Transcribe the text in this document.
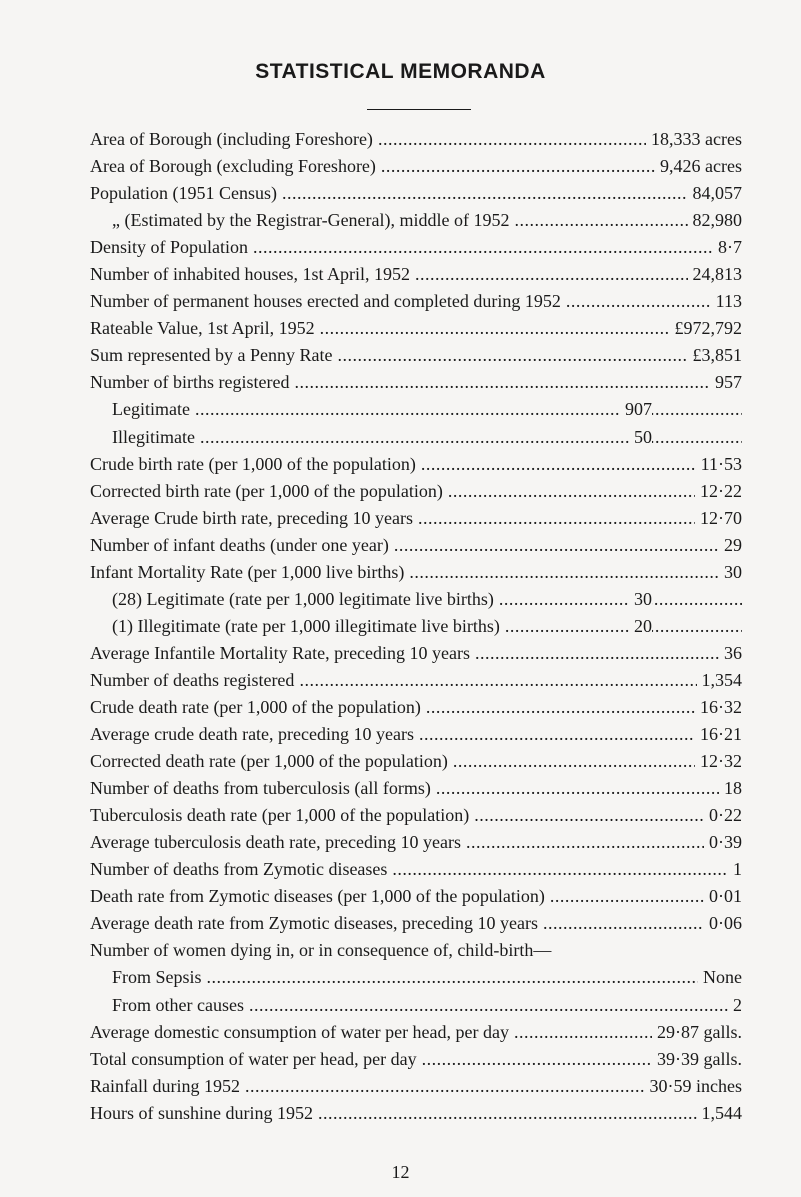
STATISTICAL MEMORANDA
Area of Borough (including Foreshore) .....	18,333 acres
Area of Borough (excluding Foreshore) .....	9,426 acres
Population (1951 Census) .....	84,057
„ (Estimated by the Registrar-General), middle of 1952 .....	82,980
Density of Population .....	8·7
Number of inhabited houses, 1st April, 1952 .....	24,813
Number of permanent houses erected and completed during 1952 .....	113
Rateable Value, 1st April, 1952 .....	£972,792
Sum represented by a Penny Rate .....	£3,851
Number of births registered .....	957
Legitimate .....	907
Illegitimate .....	50
Crude birth rate (per 1,000 of the population) .....	11·53
Corrected birth rate (per 1,000 of the population) .....	12·22
Average Crude birth rate, preceding 10 years .....	12·70
Number of infant deaths (under one year) .....	29
Infant Mortality Rate (per 1,000 live births) .....	30
(28) Legitimate (rate per 1,000 legitimate live births) .....	30
(1) Illegitimate (rate per 1,000 illegitimate live births) .....	20
Average Infantile Mortality Rate, preceding 10 years .....	36
Number of deaths registered .....	1,354
Crude death rate (per 1,000 of the population) .....	16·32
Average crude death rate, preceding 10 years .....	16·21
Corrected death rate (per 1,000 of the population) .....	12·32
Number of deaths from tuberculosis (all forms) .....	18
Tuberculosis death rate (per 1,000 of the population) .....	0·22
Average tuberculosis death rate, preceding 10 years .....	0·39
Number of deaths from Zymotic diseases .....	1
Death rate from Zymotic diseases (per 1,000 of the population) .....	0·01
Average death rate from Zymotic diseases, preceding 10 years .....	0·06
Number of women dying in, or in consequence of, child-birth—
From Sepsis .....	None
From other causes .....	2
Average domestic consumption of water per head, per day .....	29·87 galls.
Total consumption of water per head, per day .....	39·39 galls.
Rainfall during 1952 .....	30·59 inches
Hours of sunshine during 1952 .....	1,544
12
